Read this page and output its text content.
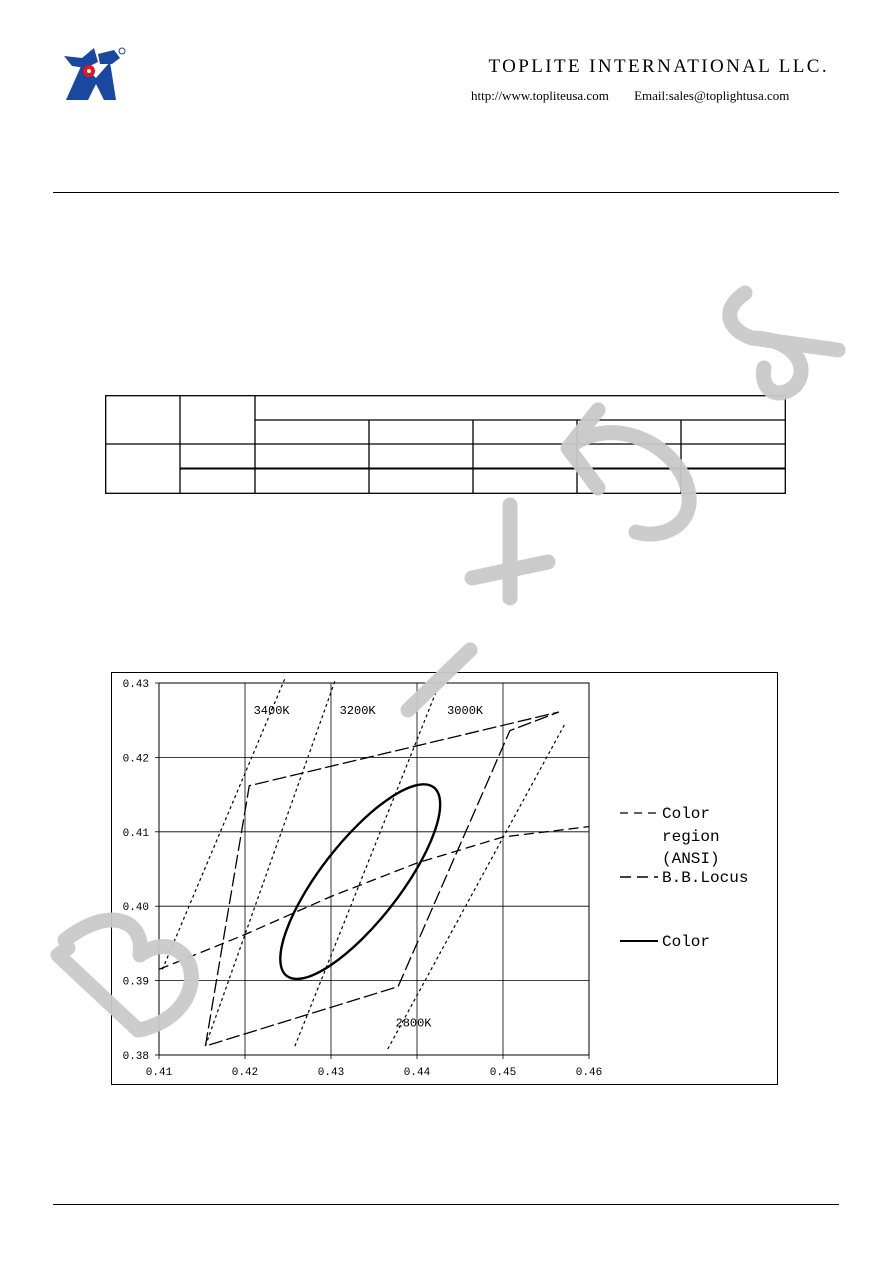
TOPLITE INTERNATIONAL LLC.
http://www.topliteusa.com Email:sales@toplightusa.com
0.41	0.42	0.43	0.44	0.45	0.46
0.43
0.42
0.41
0.40
0.39
0.38
3400K	3200K	3000K
2800K
Color
region
(ANSI)
B.B.Locus
Color
